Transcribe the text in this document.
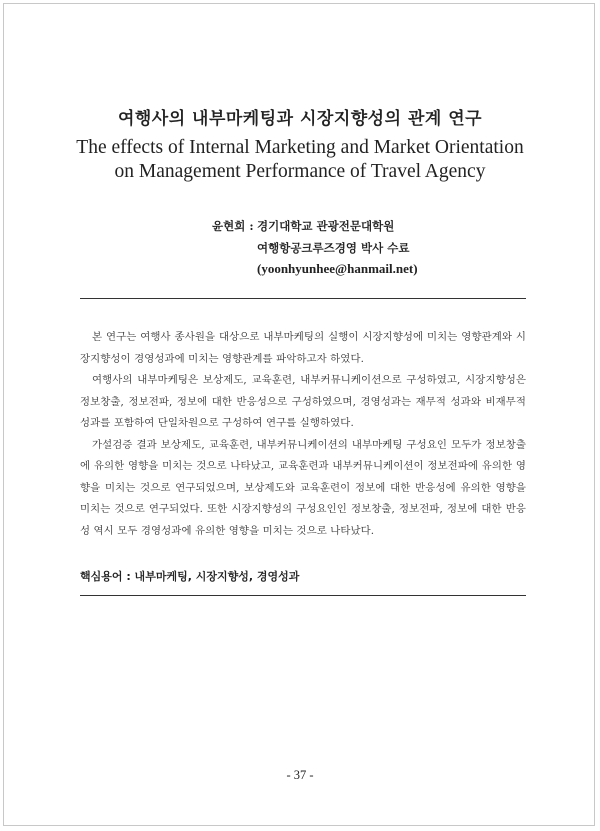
여행사의 내부마케팅과 시장지향성의 관계 연구
The effects of Internal Marketing and Market Orientation
on Management Performance of Travel Agency
윤현희 : 경기대학교 관광전문대학원
여행항공크루즈경영 박사 수료
(yoonhyunhee@hanmail.net)

본 연구는 여행사 종사원을 대상으로 내부마케팅의 실행이 시장지향성에 미치는 영향관계와 시장지향성이 경영성과에 미치는 영향관계를 파악하고자 하였다.

여행사의 내부마케팅은 보상제도, 교육훈련, 내부커뮤니케이션으로 구성하였고, 시장지향성은 정보창출, 정보전파, 정보에 대한 반응성으로 구성하였으며, 경영성과는 재무적 성과와 비재무적 성과를 포함하여 단일차원으로 구성하여 연구를 실행하였다.

가설검증 결과 보상제도, 교육훈련, 내부커뮤니케이션의 내부마케팅 구성요인 모두가 정보창출에 유의한 영향을 미치는 것으로 나타났고, 교육훈련과 내부커뮤니케이션이 정보전파에 유의한 영향을 미치는 것으로 연구되었으며, 보상제도와 교육훈련이 정보에 대한 반응성에 유의한 영향을 미치는 것으로 연구되었다. 또한 시장지향성의 구성요인인 정보창출, 정보전파, 정보에 대한 반응성 역시 모두 경영성과에 유의한 영향을 미치는 것으로 나타났다.

핵심용어 : 내부마케팅, 시장지향성, 경영성과
- 37 -
